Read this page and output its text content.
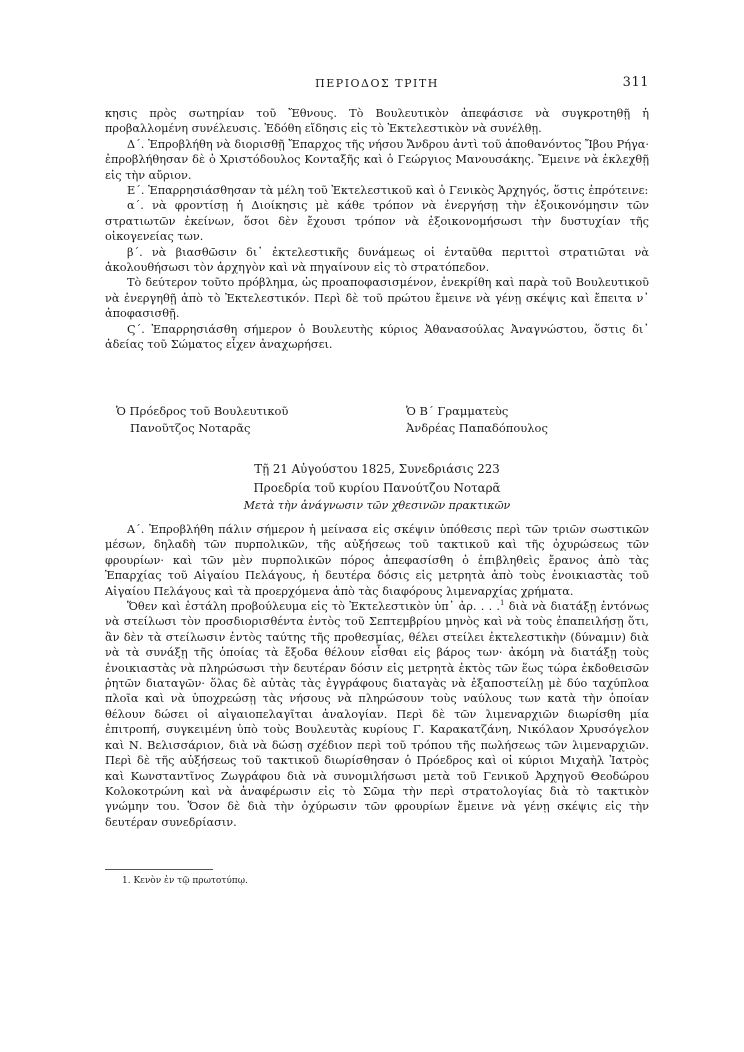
ΠΕΡΙΟΔΟΣ ΤΡΙΤΗ	311

κησις πρὸς σωτηρίαν τοῦ Ἔθνους. Τὸ Βουλευτικὸν ἀπεφάσισε νὰ συγκροτηθῇ ἡ προβαλλομένη συνέλευσις. Ἐδόθη εἴδησις εἰς τὸ Ἐκτελεστικὸν νὰ συνέλθῃ.

Δ΄. Ἐπροβλήθη νὰ διορισθῇ Ἔπαρχος τῆς νήσου Ἄνδρου ἀντὶ τοῦ ἀποθανόντος Ἴβου Ρήγα· ἐπροβλήθησαν δὲ ὁ Χριστόδουλος Κονταξῆς καὶ ὁ Γεώργιος Μανουσάκης. Ἔμεινε νὰ ἐκλεχθῇ εἰς τὴν αὔριον.

Ε΄. Ἐπαρρησιάσθησαν τὰ μέλη τοῦ Ἐκτελεστικοῦ καὶ ὁ Γενικὸς Ἀρχηγός, ὅστις ἐπρότεινε:

α΄. νὰ φροντίσῃ ἡ Διοίκησις μὲ κάθε τρόπον νὰ ἐνεργήσῃ τὴν ἐξοικονόμησιν τῶν στρατιωτῶν ἐκείνων, ὅσοι δὲν ἔχουσι τρόπον νὰ ἐξοικονομήσωσι τὴν δυστυχίαν τῆς οἰκογενείας των.

β΄. νὰ βιασθῶσιν δι᾽ ἐκτελεστικῆς δυνάμεως οἱ ἐνταῦθα περιττοὶ στρατιῶται νὰ ἀκολουθήσωσι τὸν ἀρχηγὸν καὶ νὰ πηγαίνουν εἰς τὸ στρατόπεδον.

Τὸ δεύτερον τοῦτο πρόβλημα, ὡς προαποφασισμένον, ἐνεκρίθη καὶ παρὰ τοῦ Βουλευτικοῦ νὰ ἐνεργηθῇ ἀπὸ τὸ Ἐκτελεστικόν. Περὶ δὲ τοῦ πρώτου ἔμεινε νὰ γένῃ σκέψις καὶ ἔπειτα ν᾽ ἀποφασισθῇ.

Ϛ΄. Ἐπαρρησιάσθη σήμερον ὁ Βουλευτὴς κύριος Ἀθανασούλας Ἀναγνώστου, ὅστις δι᾽ ἀδείας τοῦ Σώματος εἶχεν ἀναχωρήσει.

Ὁ Πρόεδρος τοῦ Βουλευτικοῦ
Πανοῦτζος Νοταρᾶς
Ὁ Β΄ Γραμματεὺς
Ἀνδρέας Παπαδόπουλος
Τῇ 21 Αὐγούστου 1825, Συνεδριάσις 223
Προεδρία τοῦ κυρίου Πανούτζου Νοταρᾶ
Μετὰ τὴν ἀνάγνωσιν τῶν χθεσινῶν πρακτικῶν

Α΄. Ἐπροβλήθη πάλιν σήμερον ἡ μείνασα εἰς σκέψιν ὑπόθεσις περὶ τῶν τριῶν σωστικῶν μέσων, δηλαδὴ τῶν πυρπολικῶν, τῆς αὐξήσεως τοῦ τακτικοῦ καὶ τῆς ὀχυρώσεως τῶν φρουρίων· καὶ τῶν μὲν πυρπολικῶν πόρος ἀπεφασίσθη ὁ ἐπιβληθεὶς ἔρανος ἀπὸ τὰς Ἐπαρχίας τοῦ Αἰγαίου Πελάγους, ἡ δευτέρα δόσις εἰς μετρητὰ ἀπὸ τοὺς ἐνοικιαστὰς τοῦ Αἰγαίου Πελάγους καὶ τὰ προερχόμενα ἀπὸ τὰς διαφόρους λιμεναρχίας χρήματα.

Ὅθεν καὶ ἐστάλη προβούλευμα εἰς τὸ Ἐκτελεστικὸν ὑπ᾽ ἀρ. . . .$^1$ διὰ νὰ διατάξῃ ἐντόνως νὰ στείλωσι τὸν προσδιορισθέντα ἐντὸς τοῦ Σεπτεμβρίου μηνὸς καὶ νὰ τοὺς ἐπαπειλήσῃ ὅτι, ἂν δὲν τὰ στείλωσιν ἐντὸς ταύτης τῆς προθεσμίας, θέλει στείλει ἐκτελεστικὴν (δύναμιν) διὰ νὰ τὰ συνάξῃ τῆς ὁποίας τὰ ἔξοδα θέλουν εἶσθαι εἰς βάρος των· ἀκόμη νὰ διατάξῃ τοὺς ἐνοικιαστὰς νὰ πληρώσωσι τὴν δευτέραν δόσιν εἰς μετρητὰ ἐκτὸς τῶν ἕως τώρα ἐκδοθεισῶν ῥητῶν διαταγῶν· ὅλας δὲ αὐτὰς τὰς ἐγγράφους διαταγὰς νὰ ἐξαποστείλῃ μὲ δύο ταχύπλοα πλοῖα καὶ νὰ ὑποχρεώσῃ τὰς νήσους νὰ πληρώσουν τοὺς ναύλους των κατὰ τὴν ὁποίαν θέλουν δώσει οἱ αἰγαιοπελαγῖται ἀναλογίαν. Περὶ δὲ τῶν λιμεναρχιῶν διωρίσθη μία ἐπιτροπή, συγκειμένη ὑπὸ τοὺς Βουλευτὰς κυρίους Γ. Καρακατζάνη, Νικόλαον Χρυσόγελον καὶ Ν. Βελισσάριον, διὰ νὰ δώσῃ σχέδιον περὶ τοῦ τρόπου τῆς πωλήσεως τῶν λιμεναρχιῶν. Περὶ δὲ τῆς αὐξήσεως τοῦ τακτικοῦ διωρίσθησαν ὁ Πρόεδρος καὶ οἱ κύριοι Μιχαὴλ Ἰατρὸς καὶ Κωνσταντῖνος Ζωγράφου διὰ νὰ συνομιλήσωσι μετὰ τοῦ Γενικοῦ Ἀρχηγοῦ Θεοδώρου Κολοκοτρώνη καὶ νὰ ἀναφέρωσιν εἰς τὸ Σῶμα τὴν περὶ στρατολογίας διὰ τὸ τακτικὸν γνώμην του. Ὅσον δὲ διὰ τὴν ὀχύρωσιν τῶν φρουρίων ἔμεινε νὰ γένῃ σκέψις εἰς τὴν δευτέραν συνεδρίασιν.

1. Κενὸν ἐν τῷ πρωτοτύπῳ.
